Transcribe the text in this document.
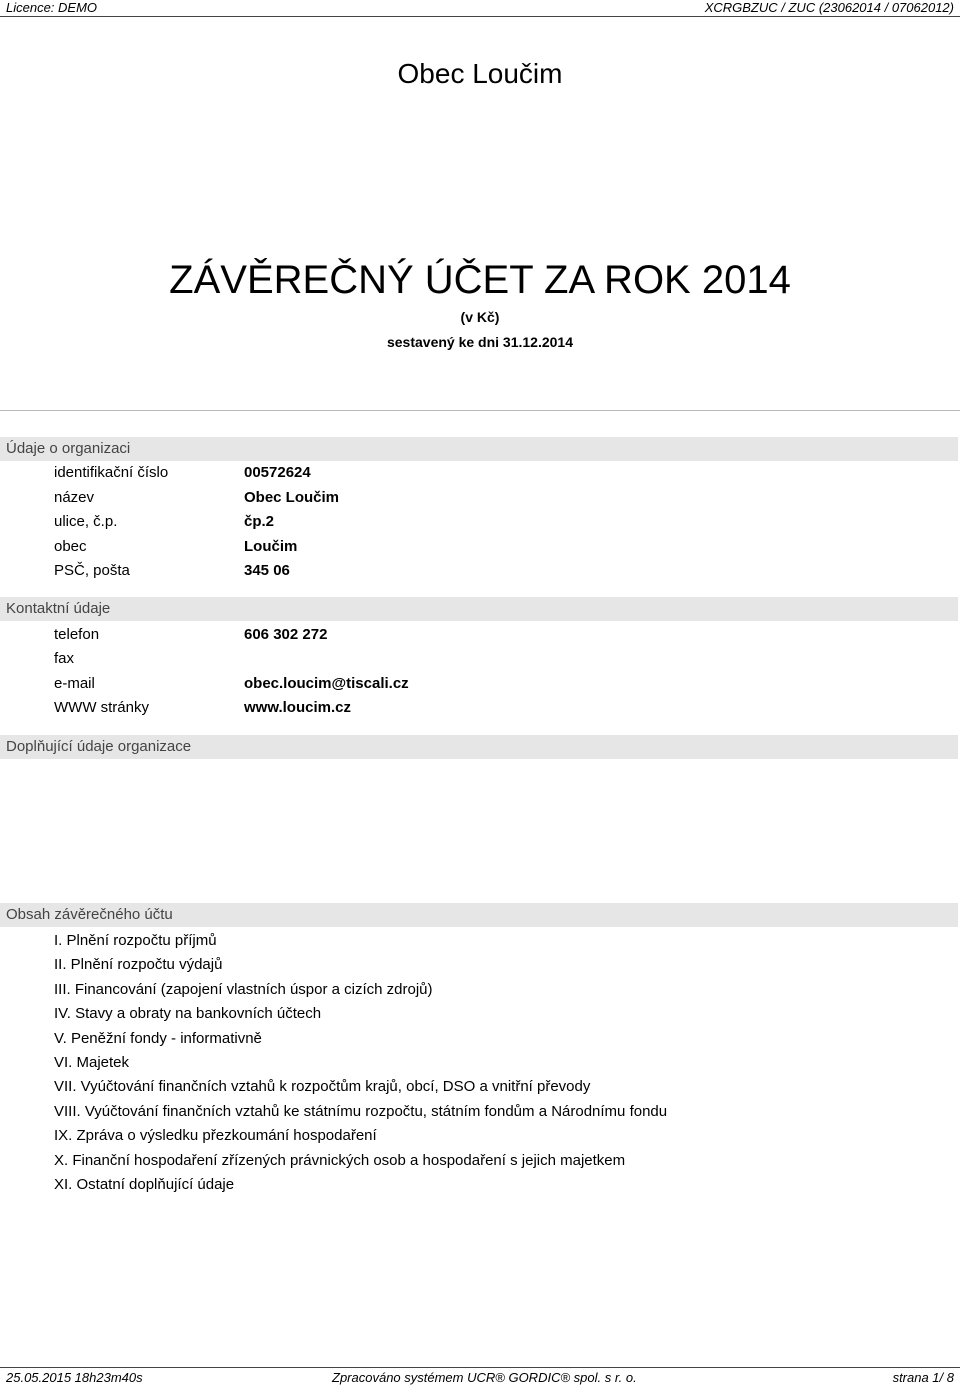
Licence: DEMO	XCRGBZUC / ZUC (23062014 / 07062012)
Obec Loučim
ZÁVĚREČNÝ ÚČET ZA ROK 2014
(v Kč)
sestavený ke dni 31.12.2014
Údaje o organizaci
identifikační číslo	00572624
název	Obec Loučim
ulice, č.p.	čp.2
obec	Loučim
PSČ, pošta	345 06
Kontaktní údaje
telefon	606 302 272
fax
e-mail	obec.loucim@tiscali.cz
WWW stránky	www.loucim.cz
Doplňující údaje organizace
Obsah závěrečného účtu
I. Plnění rozpočtu příjmů
II. Plnění rozpočtu výdajů
III. Financování (zapojení vlastních úspor a cizích zdrojů)
IV. Stavy a obraty na bankovních účtech
V. Peněžní fondy - informativně
VI. Majetek
VII. Vyúčtování finančních vztahů k rozpočtům krajů, obcí, DSO a vnitřní převody
VIII. Vyúčtování finančních vztahů ke státnímu rozpočtu, státním fondům a Národnímu fondu
IX. Zpráva o výsledku přezkoumání hospodaření
X. Finanční hospodaření zřízených právnických osob a hospodaření s jejich majetkem
XI. Ostatní doplňující údaje
25.05.2015 18h23m40s	Zpracováno systémem UCR® GORDIC® spol. s r. o.	strana 1/ 8
